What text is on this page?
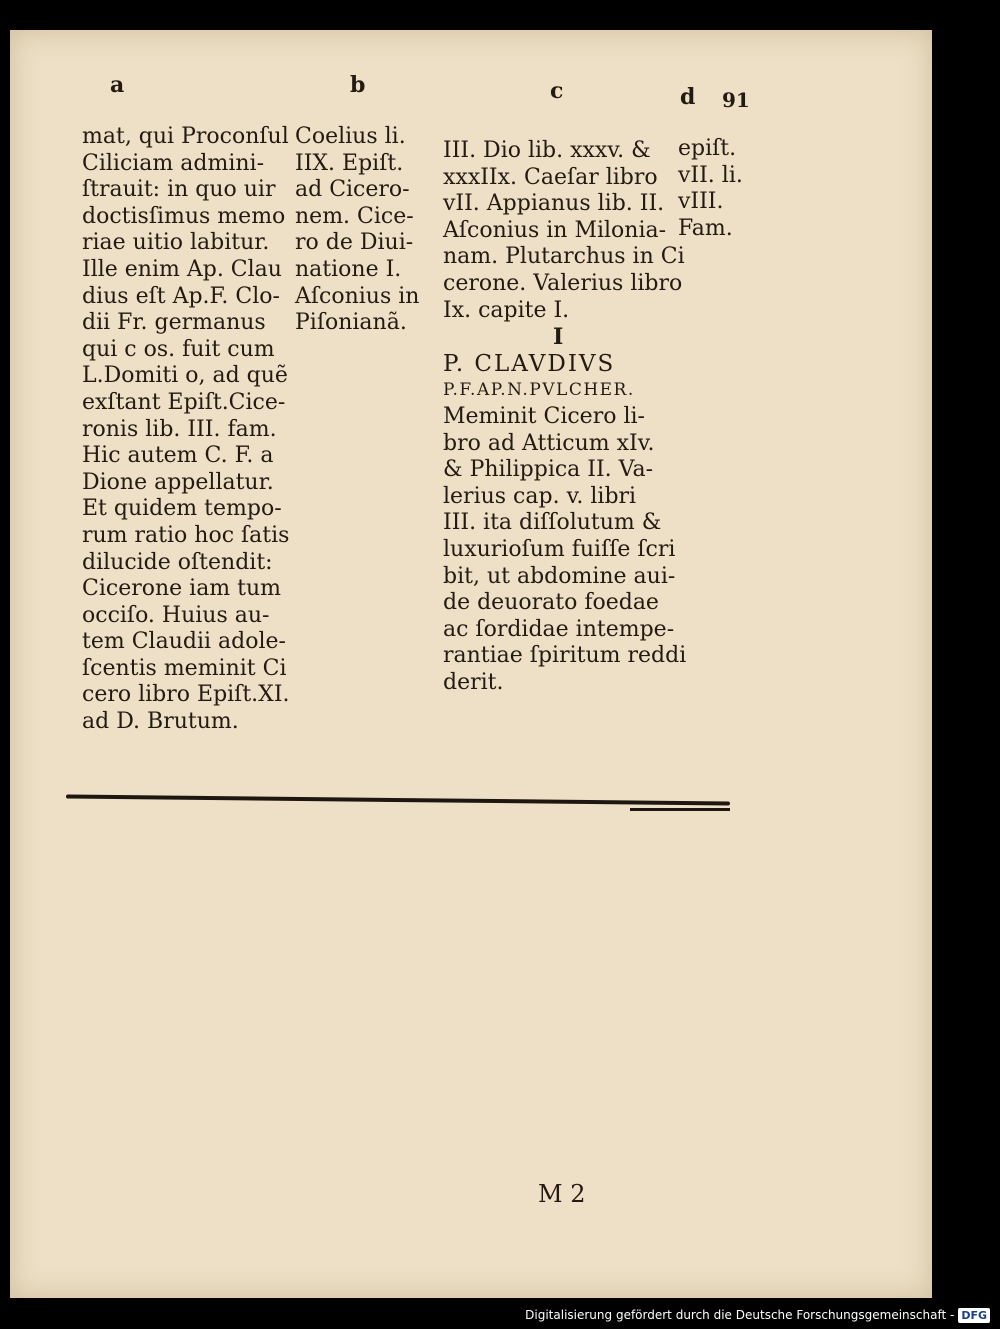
a	b	c	d 91
mat, qui Proconſul
Ciliciam admini-
ſtrauit: in quo uir
doctisſimus memo
riae uitio labitur.
Ille enim Ap. Clau
dius eſt Ap.F. Clo-
dii Fr. germanus
qui c os. fuit cum
L.Domiti o, ad quẽ
exſtant Epiſt.Cice-
ronis lib. III. fam.
Hic autem C. F. a
Dione appellatur.
Et quidem tempo-
rum ratio hoc ſatis
dilucide oſtendit:
Cicerone iam tum
occiſo. Huius au-
tem Claudii adole-
ſcentis meminit Ci
cero libro Epiſt.XI.
ad D. Brutum.
Coelius li.
IIX. Epiſt.
ad Cicero-
nem. Cice-
ro de Diui-
natione I.
Aſconius in
Piſonianã.
III. Dio lib. xxxv. &
xxxIIx. Caeſar libro
vII. Appianus lib. II.
Aſconius in Milonia-
nam. Plutarchus in Ci
cerone. Valerius libro
Ix. capite I.
I
P. CLAVDIVS
P.F.AP.N.PVLCHER.
Meminit Cicero li-
bro ad Atticum xIv.
& Philippica II. Va-
lerius cap. v. libri
III. ita diſſolutum &
luxurioſum fuiſſe ſcri
bit, ut abdomine aui-
de deuorato foedae
ac ſordidae intempe-
rantiae ſpiritum reddi
derit.
epiſt.
vII. li.
vIII.
Fam.
M 2
Digitalisierung gefördert durch die Deutsche Forschungsgemeinschaft - DFG
